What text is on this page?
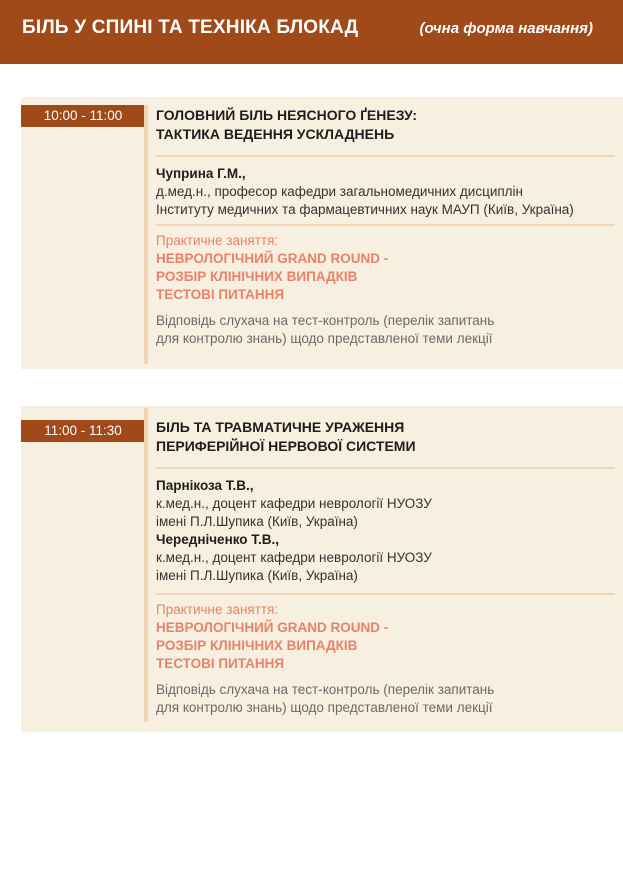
БІЛЬ У СПИНІ ТА ТЕХНІКА БЛОКАД	(очна форма навчання)
10:00 - 11:00	ГОЛОВНИЙ БІЛЬ НЕЯСНОГО ҐЕНЕЗУ:
ТАКТИКА ВЕДЕННЯ УСКЛАДНЕНЬ
Чуприна Г.М.,
д.мед.н., професор кафедри загальномедичних дисциплін
Інституту медичних та фармацевтичних наук МАУП (Київ, Україна)
Практичне заняття:
НЕВРОЛОГІЧНИЙ GRAND ROUND -
РОЗБІР КЛІНІЧНИХ ВИПАДКІВ
ТЕСТОВІ ПИТАННЯ
Відповідь слухача на тест-контроль (перелік запитань
для контролю знань) щодо представленої теми лекції
11:00 - 11:30	БІЛЬ ТА ТРАВМАТИЧНЕ УРАЖЕННЯ
ПЕРИФЕРІЙНОЇ НЕРВОВОЇ СИСТЕМИ
Парнікоза Т.В.,
к.мед.н., доцент кафедри неврології НУОЗУ
імені П.Л.Шупика (Київ, Україна)
Чередніченко Т.В.,
к.мед.н., доцент кафедри неврології НУОЗУ
імені П.Л.Шупика (Київ, Україна)
Практичне заняття:
НЕВРОЛОГІЧНИЙ GRAND ROUND -
РОЗБІР КЛІНІЧНИХ ВИПАДКІВ
ТЕСТОВІ ПИТАННЯ
Відповідь слухача на тест-контроль (перелік запитань
для контролю знань) щодо представленої теми лекції
